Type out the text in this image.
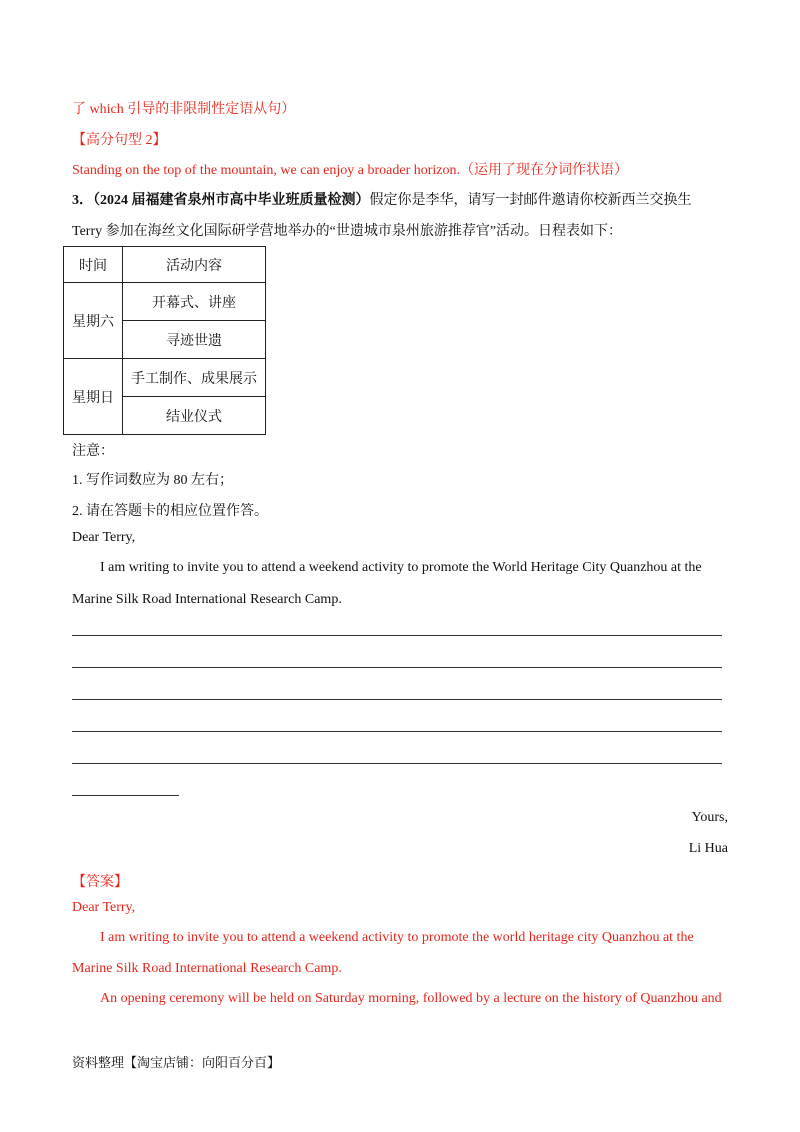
了 which 引导的非限制性定语从句）
【高分句型 2】
Standing on the top of the mountain, we can enjoy a broader horizon.（运用了现在分词作状语）
3．（2024 届福建省泉州市高中毕业班质量检测）假定你是李华，请写一封邮件邀请你校新西兰交换生
Terry 参加在海丝文化国际研学营地举办的“世遗城市泉州旅游推荐官”活动。日程表如下：
时间	活动内容
星期六	开幕式、讲座
	寻迹世遗
星期日	手工制作、成果展示
	结业仪式
注意：
1. 写作词数应为 80 左右；
2. 请在答题卡的相应位置作答。
Dear Terry,
I am writing to invite you to attend a weekend activity to promote the World Heritage City Quanzhou at the
Marine Silk Road International Research Camp.
Yours,
Li Hua
【答案】
Dear Terry,
I am writing to invite you to attend a weekend activity to promote the world heritage city Quanzhou at the
Marine Silk Road International Research Camp.
An opening ceremony will be held on Saturday morning, followed by a lecture on the history of Quanzhou and
资料整理【淘宝店铺：向阳百分百】
